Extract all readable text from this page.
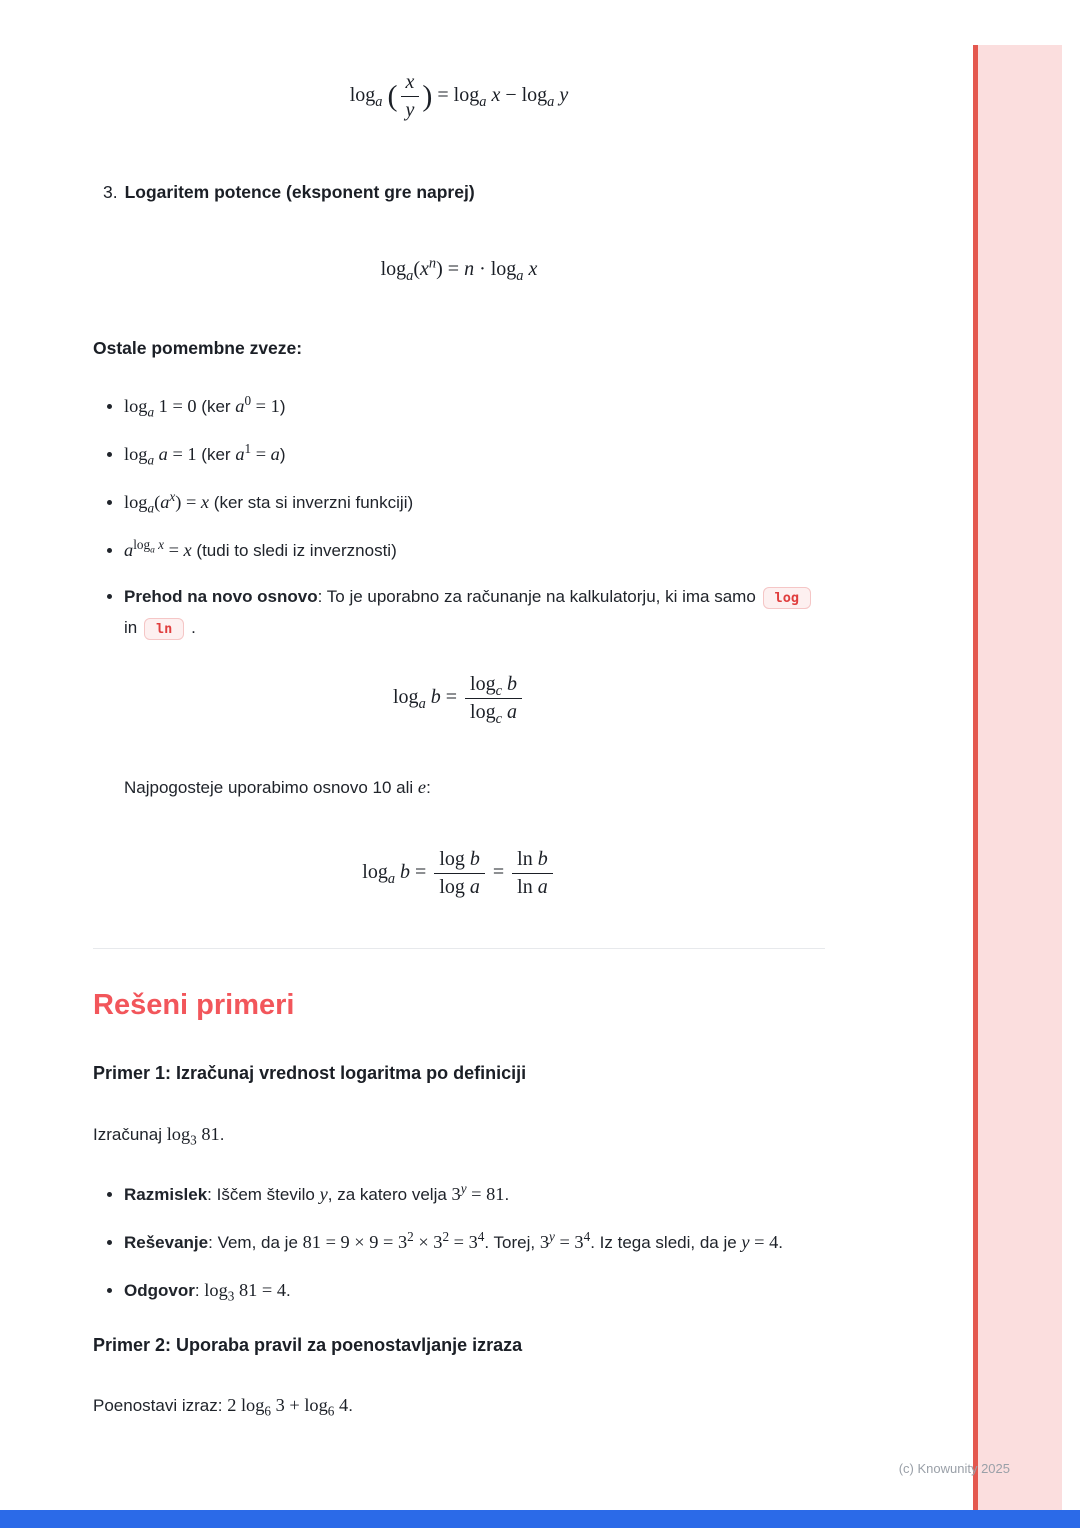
$\log_a$ ( $\frac{x}{y}$ ) = $\log_a x - \log_a y$
3. Logaritem potence (eksponent gre naprej)
$\log_a(x^n) = n \cdot \log_a x$
Ostale pomembne zveze:
• $\log_a 1 = 0$ (ker $a^0 = 1$)
• $\log_a a = 1$ (ker $a^1 = a$)
• $\log_a(a^x) = x$ (ker sta si inverzni funkciji)
• $a^{log_a x} = x$ (tudi to sledi iz inverznosti)
• Prehod na novo osnovo: To je uporabno za računanje na kalkulatorju, ki ima samo log in ln .
$\log_a b = \frac{\log_c b}{\log_c a}$

Najpogosteje uporabimo osnovo 10 ali e:

$\log_a b = \frac{\text{log b}}{\text{log a}} = \frac{\text{ln b}}{\text{ln a}}$
Rešeni primeri
Primer 1: Izračunaj vrednost logaritma po definiciji

Izračunaj $\log_3 81$.

• Razmislek: Iščem število y, za katero velja $3^y = 81$.
• Reševanje: Vem, da je $81 = 9 \times 9 = 3^2 \times 3^2 = 3^4$. Torej, $3^y = 3^4$. Iz tega sledi, da je y = 4.
• Odgovor: $\log_3 81 = 4$.
Primer 2: Uporaba pravil za poenostavljanje izraza

Poenostavi izraz: 2 $\log_6 3 + \log_6 4$.

(c) Knowunity 2025
